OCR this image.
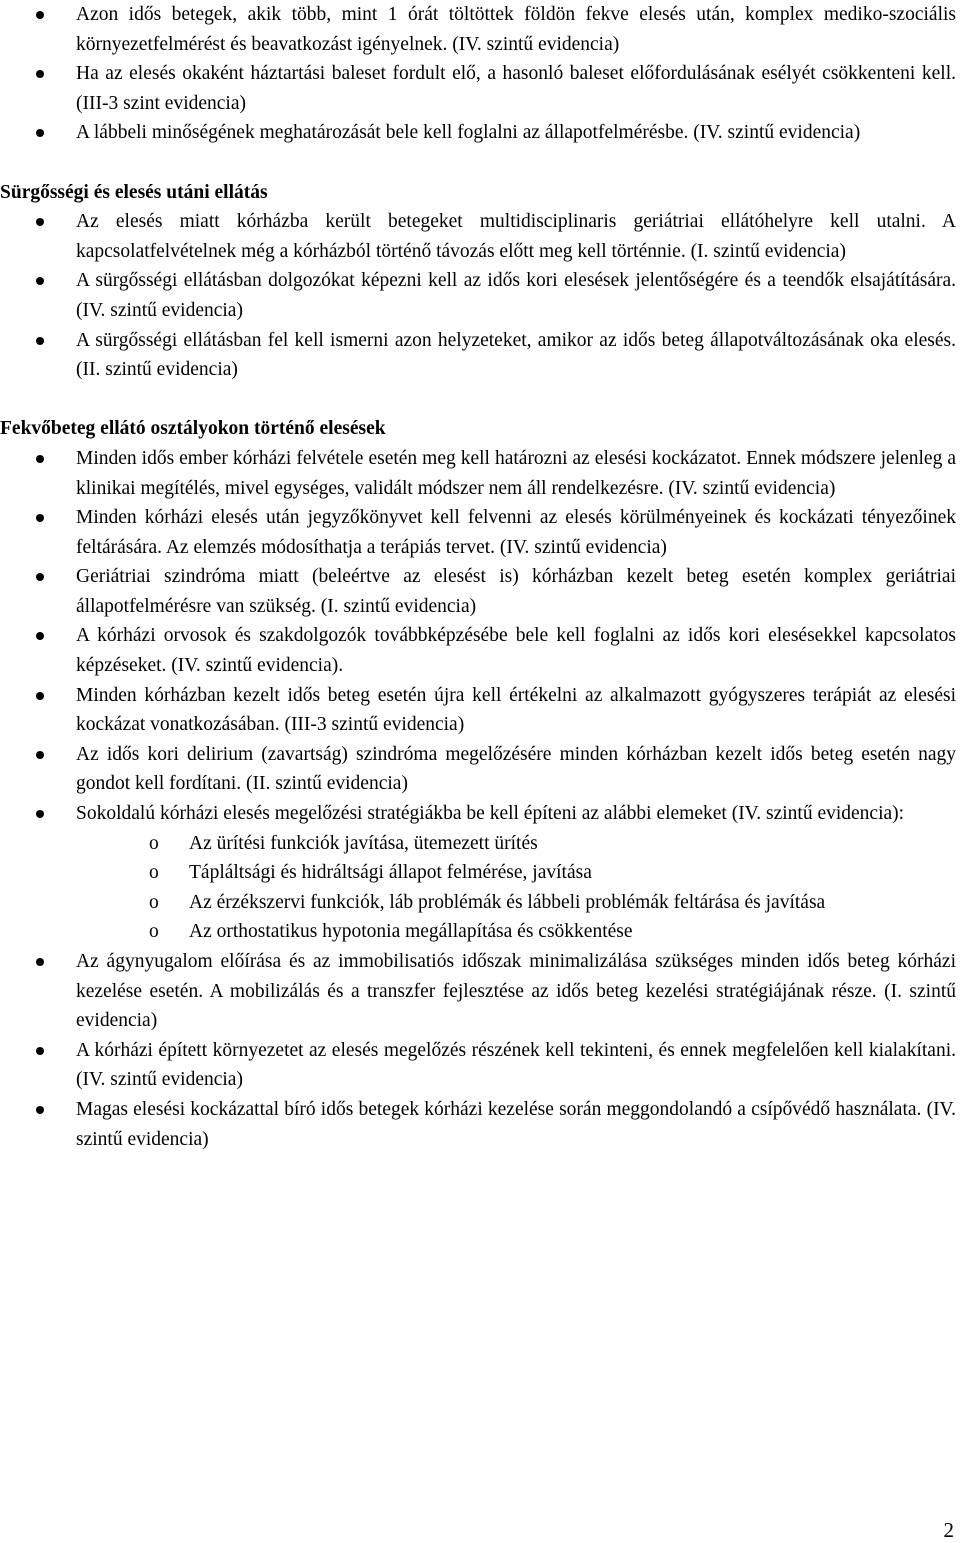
Azon idős betegek, akik több, mint 1 órát töltöttek földön fekve elesés után, komplex mediko-szociális környezetfelmérést és beavatkozást igényelnek. (IV. szintű evidencia)
Ha az elesés okaként háztartási baleset fordult elő, a hasonló baleset előfordulásának esélyét csökkenteni kell. (III-3 szint evidencia)
A lábbeli minőségének meghatározását bele kell foglalni az állapotfelmérésbe. (IV. szintű evidencia)
Sürgősségi és elesés utáni ellátás
Az elesés miatt kórházba került betegeket multidisciplinaris geriátriai ellátóhelyre kell utalni. A kapcsolatfelvételnek még a kórházból történő távozás előtt meg kell történnie. (I. szintű evidencia)
A sürgősségi ellátásban dolgozókat képezni kell az idős kori elesések jelentőségére és a teendők elsajátítására. (IV. szintű evidencia)
A sürgősségi ellátásban fel kell ismerni azon helyzeteket, amikor az idős beteg állapotváltozásának oka elesés. (II. szintű evidencia)
Fekvőbeteg ellátó osztályokon történő elesések
Minden idős ember kórházi felvétele esetén meg kell határozni az elesési kockázatot. Ennek módszere jelenleg a klinikai megítélés, mivel egységes, validált módszer nem áll rendelkezésre. (IV. szintű evidencia)
Minden kórházi elesés után jegyzőkönyvet kell felvenni az elesés körülményeinek és kockázati tényezőinek feltárására. Az elemzés módosíthatja a terápiás tervet. (IV. szintű evidencia)
Geriátriai szindróma miatt (beleértve az elesést is) kórházban kezelt beteg esetén komplex geriátriai állapotfelmérésre van szükség. (I. szintű evidencia)
A kórházi orvosok és szakdolgozók továbbképzésébe bele kell foglalni az idős kori elesésekkel kapcsolatos képzéseket. (IV. szintű evidencia).
Minden kórházban kezelt idős beteg esetén újra kell értékelni az alkalmazott gyógyszeres terápiát az elesési kockázat vonatkozásában. (III-3 szintű evidencia)
Az idős kori delirium (zavartság) szindróma megelőzésére minden kórházban kezelt idős beteg esetén nagy gondot kell fordítani. (II. szintű evidencia)
Sokoldalú kórházi elesés megelőzési stratégiákba be kell építeni az alábbi elemeket (IV. szintű evidencia):
o Az ürítési funkciók javítása, ütemezett ürítés
o Tápláltsági és hidráltsági állapot felmérése, javítása
o Az érzékszervi funkciók, láb problémák és lábbeli problémák feltárása és javítása
o Az orthostatikus hypotonia megállapítása és csökkentése
Az ágynyugalom előírása és az immobilisatiós időszak minimalizálása szükséges minden idős beteg kórházi kezelése esetén. A mobilizálás és a transzfer fejlesztése az idős beteg kezelési stratégiájának része. (I. szintű evidencia)
A kórházi épített környezetet az elesés megelőzés részének kell tekinteni, és ennek megfelelően kell kialakítani. (IV. szintű evidencia)
Magas elesési kockázattal bíró idős betegek kórházi kezelése során meggondolandó a csípővédő használata. (IV. szintű evidencia)
2
